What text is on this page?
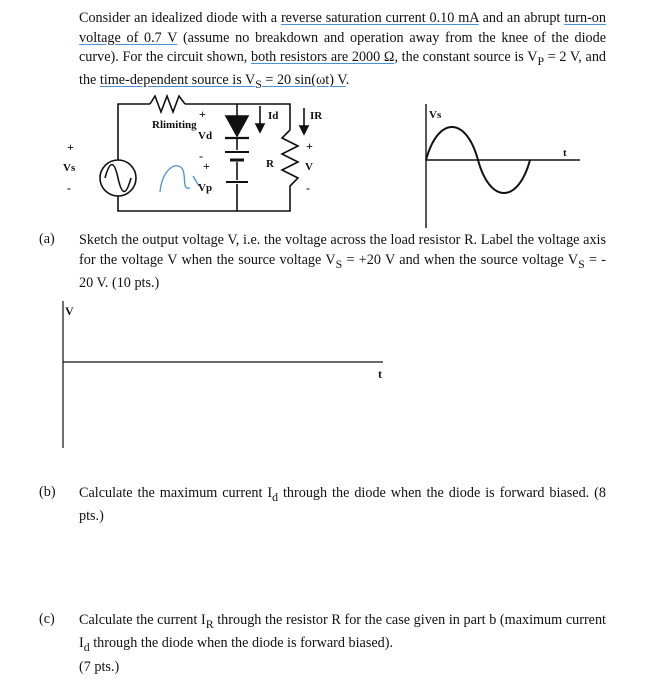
Consider an idealized diode with a reverse saturation current 0.10 mA and an abrupt turn-on voltage of 0.7 V (assume no breakdown and operation away from the knee of the diode curve). For the circuit shown, both resistors are 2000 Ω, the constant source is $V_P = 2$ V, and the time-dependent source is $V_S = 20$ sin(ωt) V.
Rlimiting
+
Vd
-
+
Vp
-
Id	IR
R
+
V
-
+
Vs
-
Vs
t
V
t
(a) Sketch the output voltage V, i.e. the voltage across the load resistor R. Label the voltage axis for the voltage V when the source voltage $V_S = +20$ V and when the source voltage $V_S$ = - 20 V. (10 pts.)
(b) Calculate the maximum current $I_d$ through the diode when the diode is forward biased. (8 pts.)
(c) Calculate the current $I_R$ through the resistor R for the case given in part b (maximum current $I_d$ through the diode when the diode is forward biased).
(7 pts.)
